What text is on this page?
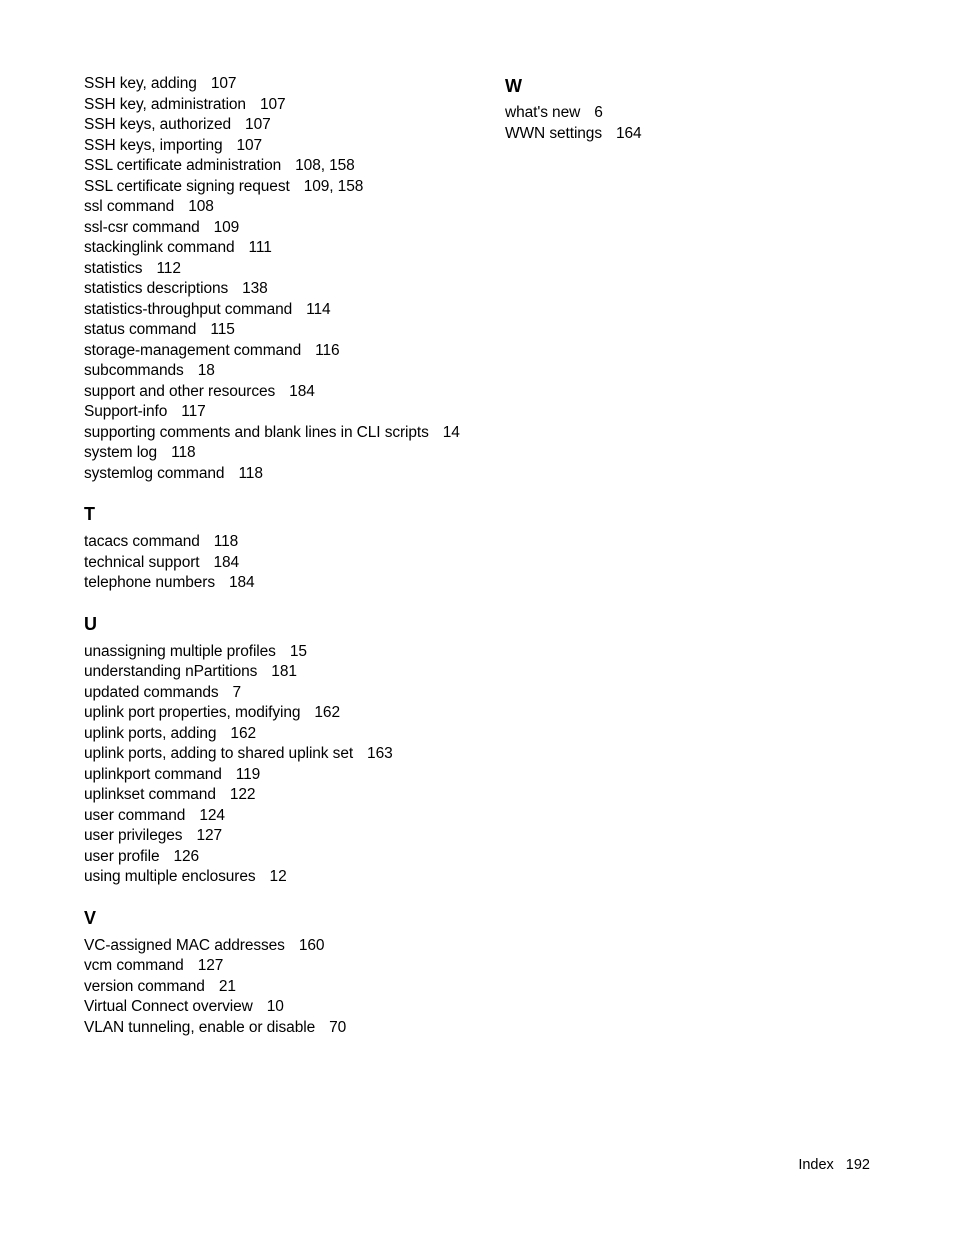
SSH key, adding 107
SSH key, administration 107
SSH keys, authorized 107
SSH keys, importing 107
SSL certificate administration 108, 158
SSL certificate signing request 109, 158
ssl command 108
ssl-csr command 109
stackinglink command 111
statistics 112
statistics descriptions 138
statistics-throughput command 114
status command 115
storage-management command 116
subcommands 18
support and other resources 184
Support-info 117
supporting comments and blank lines in CLI scripts 14
system log 118
systemlog command 118
T
tacacs command 118
technical support 184
telephone numbers 184
U
unassigning multiple profiles 15
understanding nPartitions 181
updated commands 7
uplink port properties, modifying 162
uplink ports, adding 162
uplink ports, adding to shared uplink set 163
uplinkport command 119
uplinkset command 122
user command 124
user privileges 127
user profile 126
using multiple enclosures 12
V
VC-assigned MAC addresses 160
vcm command 127
version command 21
Virtual Connect overview 10
VLAN tunneling, enable or disable 70
W
what's new 6
WWN settings 164
Index 192
